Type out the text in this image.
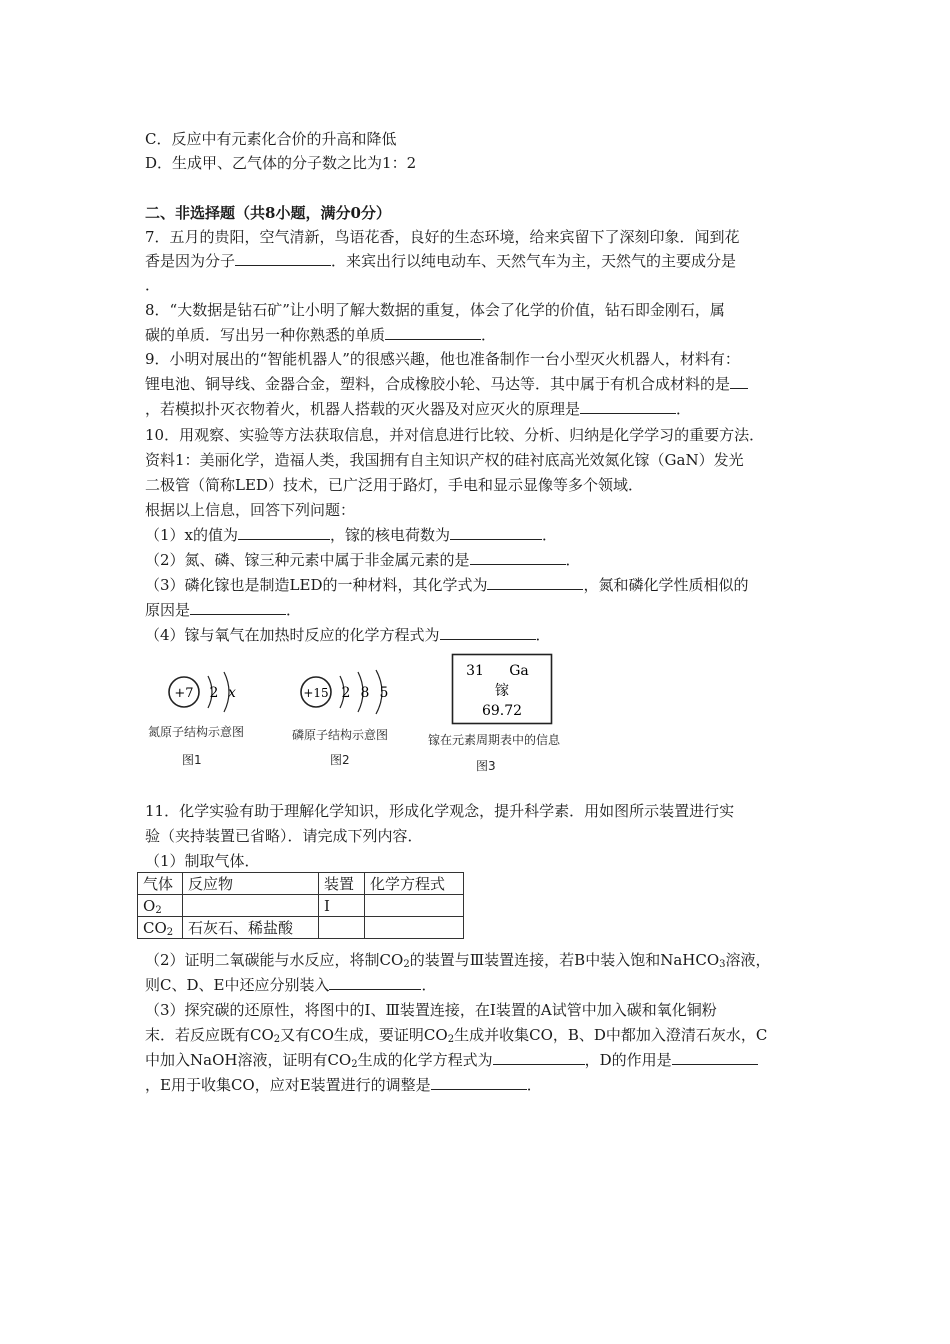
C．反应中有元素化合价的升高和降低
D．生成甲、乙气体的分子数之比为1：2
二、非选择题（共8小题，满分0分）
7．五月的贵阳，空气清新，鸟语花香，良好的生态环境，给来宾留下了深刻印象．闻到花
香是因为分子	．来宾出行以纯电动车、天然气车为主，天然气的主要成分是
．
8．“大数据是钻石矿”让小明了解大数据的重复，体会了化学的价值，钻石即金刚石，属
碳的单质．写出另一种你熟悉的单质	．
9．小明对展出的“智能机器人”的很感兴趣，他也准备制作一台小型灭火机器人，材料有：
锂电池、铜导线、金器合金，塑料，合成橡胶小轮、马达等．其中属于有机合成材料的是
，若模拟扑灭衣物着火，机器人搭载的灭火器及对应灭火的原理是	．
10．用观察、实验等方法获取信息，并对信息进行比较、分析、归纳是化学学习的重要方法．
资料1：美丽化学，造福人类，我国拥有自主知识产权的硅衬底高光效氮化镓（GaN）发光
二极管（简称LED）技术，已广泛用于路灯，手电和显示显像等多个领域．
根据以上信息，回答下列问题：
（1）x的值为	，镓的核电荷数为	．
（2）氮、磷、镓三种元素中属于非金属元素的是	．
（3）磷化镓也是制造LED的一种材料，其化学式为	，氮和磷化学性质相似的
原因是	．
（4）镓与氧气在加热时反应的化学方程式为	．
+7 2 x
氮原子结构示意图
图1
+15 2 8 5
磷原子结构示意图
图2
31 Ga
镓
69.72
镓在元素周期表中的信息
图3
11．化学实验有助于理解化学知识，形成化学观念，提升科学素．用如图所示装置进行实
验（夹持装置已省略）．请完成下列内容．
（1）制取气体．
气体	反应物	装置	化学方程式
$O_2$		Ⅰ	
$CO_2$	石灰石、稀盐酸		
（2）证明二氧碳能与水反应，将制$CO_2$的装置与Ⅲ装置连接，若B中装入饱和NaHCO$_3$溶液，
则C、D、E中还应分别装入	．
（3）探究碳的还原性，将图中的Ⅰ、Ⅲ装置连接，在Ⅰ装置的A试管中加入碳和氧化铜粉
末．若反应既有$CO_2$又有CO生成，要证明$CO_2$生成并收集CO，B、D中都加入澄清石灰水，C
中加入NaOH溶液，证明有$CO_2$生成的化学方程式为	，D的作用是
，E用于收集CO，应对E装置进行的调整是	．
